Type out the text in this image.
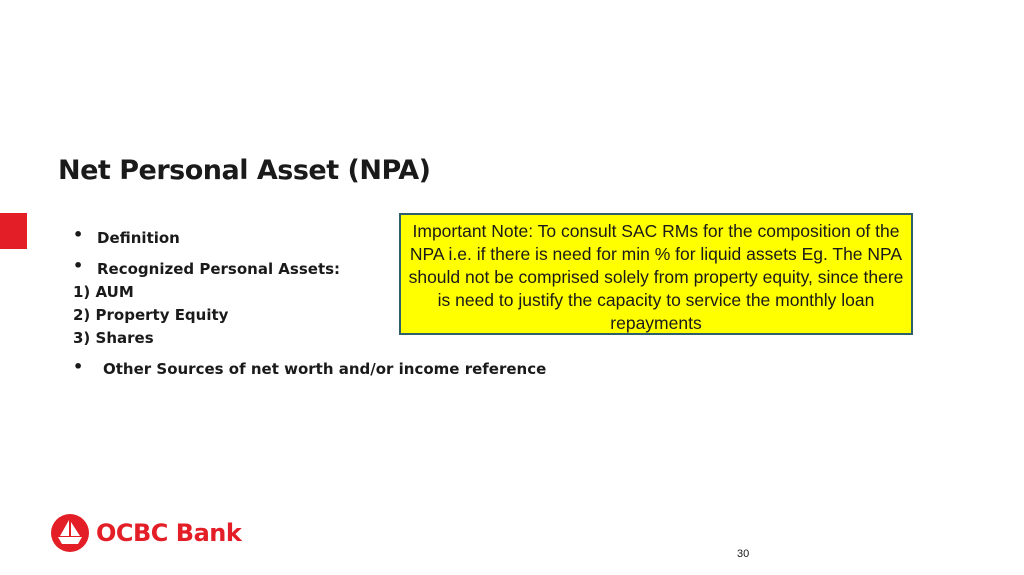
Net Personal Asset (NPA)
• Definition
• Recognized Personal Assets:
1) AUM
2) Property Equity
3) Shares
• Other Sources of net worth and/or income reference
Important Note: To consult SAC RMs for the composition of the NPA i.e. if there is need for min % for liquid assets Eg. The NPA should not be comprised solely from property equity, since there is need to justify the capacity to service the monthly loan repayments
OCBC Bank
30
